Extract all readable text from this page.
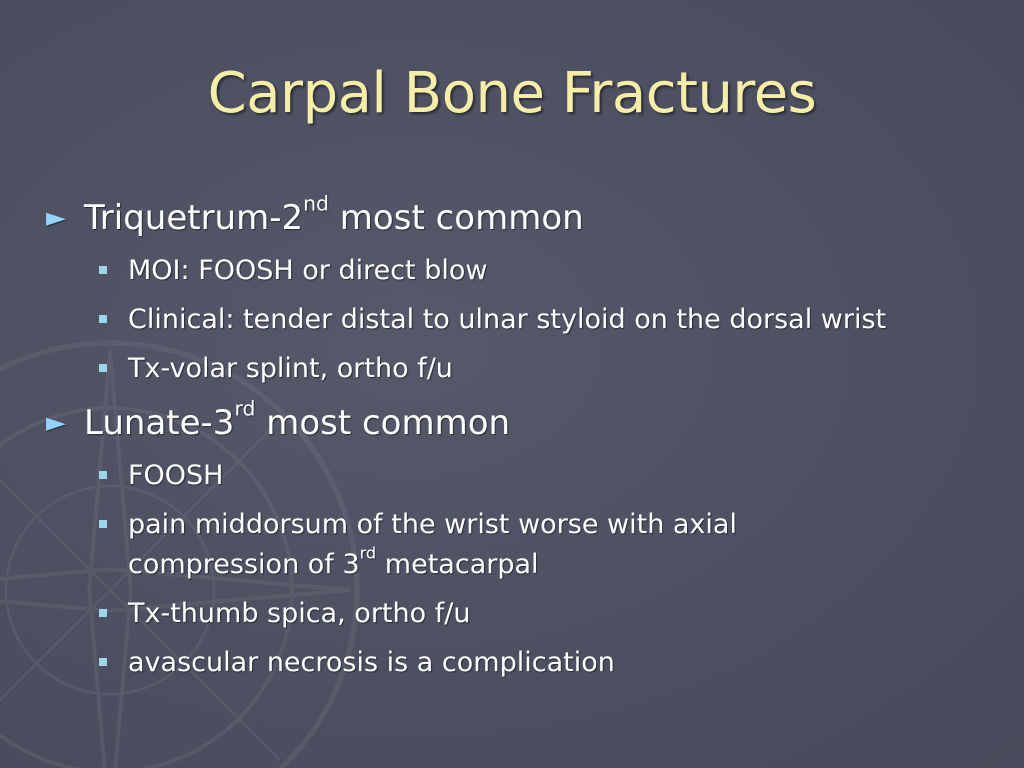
Carpal Bone Fractures
► Triquetrum-2nd most common
MOI: FOOSH or direct blow
Clinical: tender distal to ulnar styloid on the dorsal wrist
Tx-volar splint, ortho f/u
► Lunate-3rd most common
FOOSH
pain middorsum of the wrist worse with axial
compression of 3rd metacarpal
Tx-thumb spica, ortho f/u
avascular necrosis is a complication
